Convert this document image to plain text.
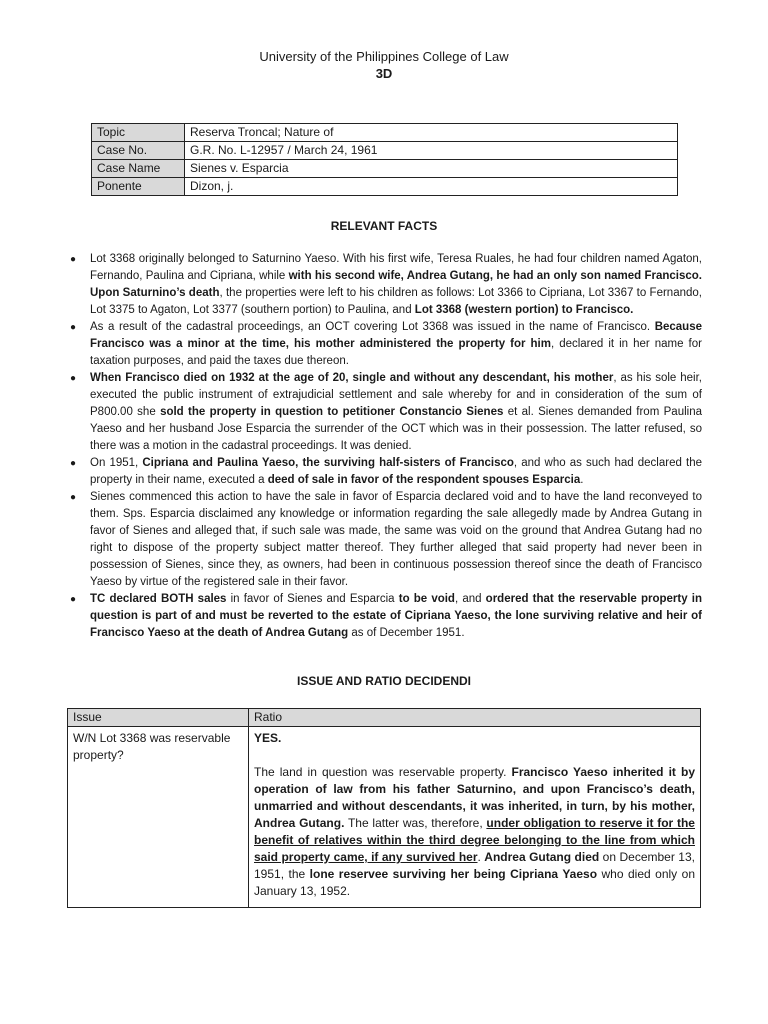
University of the Philippines College of Law
3D
Topic	Reserva Troncal; Nature of
Case No.	G.R. No. L-12957 / March 24, 1961
Case Name	Sienes v. Esparcia
Ponente	Dizon, j.
RELEVANT FACTS
● Lot 3368 originally belonged to Saturnino Yaeso. With his first wife, Teresa Ruales, he had four children named Agaton, Fernando, Paulina and Cipriana, while with his second wife, Andrea Gutang, he had an only son named Francisco. Upon Saturnino’s death, the properties were left to his children as follows: Lot 3366 to Cipriana, Lot 3367 to Fernando, Lot 3375 to Agaton, Lot 3377 (southern portion) to Paulina, and Lot 3368 (western portion) to Francisco.
● As a result of the cadastral proceedings, an OCT covering Lot 3368 was issued in the name of Francisco. Because Francisco was a minor at the time, his mother administered the property for him, declared it in her name for taxation purposes, and paid the taxes due thereon.
● When Francisco died on 1932 at the age of 20, single and without any descendant, his mother, as his sole heir, executed the public instrument of extrajudicial settlement and sale whereby for and in consideration of the sum of P800.00 she sold the property in question to petitioner Constancio Sienes et al. Sienes demanded from Paulina Yaeso and her husband Jose Esparcia the surrender of the OCT which was in their possession. The latter refused, so there was a motion in the cadastral proceedings. It was denied.
● On 1951, Cipriana and Paulina Yaeso, the surviving half-sisters of Francisco, and who as such had declared the property in their name, executed a deed of sale in favor of the respondent spouses Esparcia.
● Sienes commenced this action to have the sale in favor of Esparcia declared void and to have the land reconveyed to them. Sps. Esparcia disclaimed any knowledge or information regarding the sale allegedly made by Andrea Gutang in favor of Sienes and alleged that, if such sale was made, the same was void on the ground that Andrea Gutang had no right to dispose of the property subject matter thereof. They further alleged that said property had never been in possession of Sienes, since they, as owners, had been in continuous possession thereof since the death of Francisco Yaeso by virtue of the registered sale in their favor.
● TC declared BOTH sales in favor of Sienes and Esparcia to be void, and ordered that the reservable property in question is part of and must be reverted to the estate of Cipriana Yaeso, the lone surviving relative and heir of Francisco Yaeso at the death of Andrea Gutang as of December 1951.
ISSUE AND RATIO DECIDENDI
Issue	Ratio
W/N Lot 3368 was reservable property?	YES.
The land in question was reservable property. Francisco Yaeso inherited it by operation of law from his father Saturnino, and upon Francisco’s death, unmarried and without descendants, it was inherited, in turn, by his mother, Andrea Gutang. The latter was, therefore, under obligation to reserve it for the benefit of relatives within the third degree belonging to the line from which said property came, if any survived her. Andrea Gutang died on December 13, 1951, the lone reservee surviving her being Cipriana Yaeso who died only on January 13, 1952.
